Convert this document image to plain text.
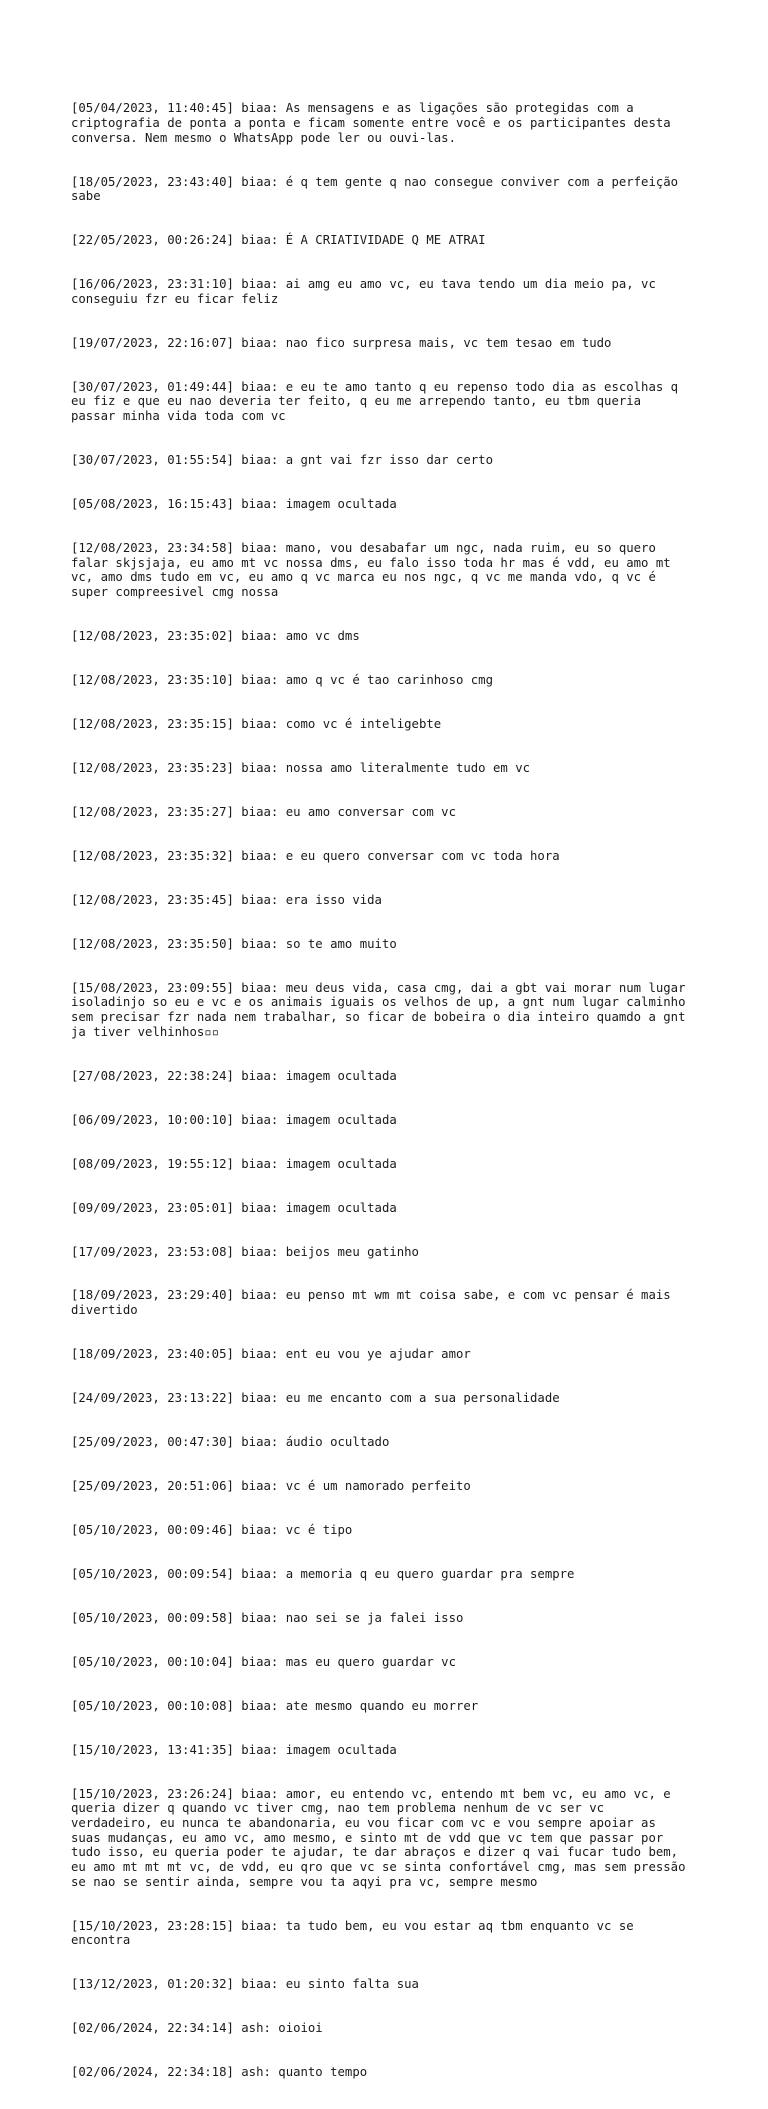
[05/04/2023, 11:40:45] biaa: As mensagens e as ligações são protegidas com a
criptografia de ponta a ponta e ficam somente entre você e os participantes desta
conversa. Nem mesmo o WhatsApp pode ler ou ouvi-las.

[18/05/2023, 23:43:40] biaa: é q tem gente q nao consegue conviver com a perfeição
sabe

[22/05/2023, 00:26:24] biaa: É A CRIATIVIDADE Q ME ATRAI

[16/06/2023, 23:31:10] biaa: ai amg eu amo vc, eu tava tendo um dia meio pa, vc
conseguiu fzr eu ficar feliz

[19/07/2023, 22:16:07] biaa: nao fico surpresa mais, vc tem tesao em tudo

[30/07/2023, 01:49:44] biaa: e eu te amo tanto q eu repenso todo dia as escolhas q
eu fiz e que eu nao deveria ter feito, q eu me arrependo tanto, eu tbm queria
passar minha vida toda com vc

[30/07/2023, 01:55:54] biaa: a gnt vai fzr isso dar certo

[05/08/2023, 16:15:43] biaa: imagem ocultada

[12/08/2023, 23:34:58] biaa: mano, vou desabafar um ngc, nada ruim, eu so quero
falar skjsjaja, eu amo mt vc nossa dms, eu falo isso toda hr mas é vdd, eu amo mt
vc, amo dms tudo em vc, eu amo q vc marca eu nos ngc, q vc me manda vdo, q vc é
super compreesivel cmg nossa

[12/08/2023, 23:35:02] biaa: amo vc dms

[12/08/2023, 23:35:10] biaa: amo q vc é tao carinhoso cmg

[12/08/2023, 23:35:15] biaa: como vc é inteligebte

[12/08/2023, 23:35:23] biaa: nossa amo literalmente tudo em vc

[12/08/2023, 23:35:27] biaa: eu amo conversar com vc

[12/08/2023, 23:35:32] biaa: e eu quero conversar com vc toda hora

[12/08/2023, 23:35:45] biaa: era isso vida

[12/08/2023, 23:35:50] biaa: so te amo muito

[15/08/2023, 23:09:55] biaa: meu deus vida, casa cmg, dai a gbt vai morar num lugar
isoladinjo so eu e vc e os animais iguais os velhos de up, a gnt num lugar calminho
sem precisar fzr nada nem trabalhar, so ficar de bobeira o dia inteiro quamdo a gnt
ja tiver velhinhos▫▫

[27/08/2023, 22:38:24] biaa: imagem ocultada

[06/09/2023, 10:00:10] biaa: imagem ocultada

[08/09/2023, 19:55:12] biaa: imagem ocultada

[09/09/2023, 23:05:01] biaa: imagem ocultada

[17/09/2023, 23:53:08] biaa: beijos meu gatinho

[18/09/2023, 23:29:40] biaa: eu penso mt wm mt coisa sabe, e com vc pensar é mais
divertido

[18/09/2023, 23:40:05] biaa: ent eu vou ye ajudar amor

[24/09/2023, 23:13:22] biaa: eu me encanto com a sua personalidade

[25/09/2023, 00:47:30] biaa: áudio ocultado

[25/09/2023, 20:51:06] biaa: vc é um namorado perfeito

[05/10/2023, 00:09:46] biaa: vc é tipo

[05/10/2023, 00:09:54] biaa: a memoria q eu quero guardar pra sempre

[05/10/2023, 00:09:58] biaa: nao sei se ja falei isso

[05/10/2023, 00:10:04] biaa: mas eu quero guardar vc

[05/10/2023, 00:10:08] biaa: ate mesmo quando eu morrer

[15/10/2023, 13:41:35] biaa: imagem ocultada

[15/10/2023, 23:26:24] biaa: amor, eu entendo vc, entendo mt bem vc, eu amo vc, e
queria dizer q quando vc tiver cmg, nao tem problema nenhum de vc ser vc
verdadeiro, eu nunca te abandonaria, eu vou ficar com vc e vou sempre apoiar as
suas mudanças, eu amo vc, amo mesmo, e sinto mt de vdd que vc tem que passar por
tudo isso, eu queria poder te ajudar, te dar abraços e dizer q vai fucar tudo bem,
eu amo mt mt mt vc, de vdd, eu qro que vc se sinta confortável cmg, mas sem pressão
se nao se sentir ainda, sempre vou ta aqyi pra vc, sempre mesmo

[15/10/2023, 23:28:15] biaa: ta tudo bem, eu vou estar aq tbm enquanto vc se
encontra

[13/12/2023, 01:20:32] biaa: eu sinto falta sua

[02/06/2024, 22:34:14] ash: oioioi

[02/06/2024, 22:34:18] ash: quanto tempo
